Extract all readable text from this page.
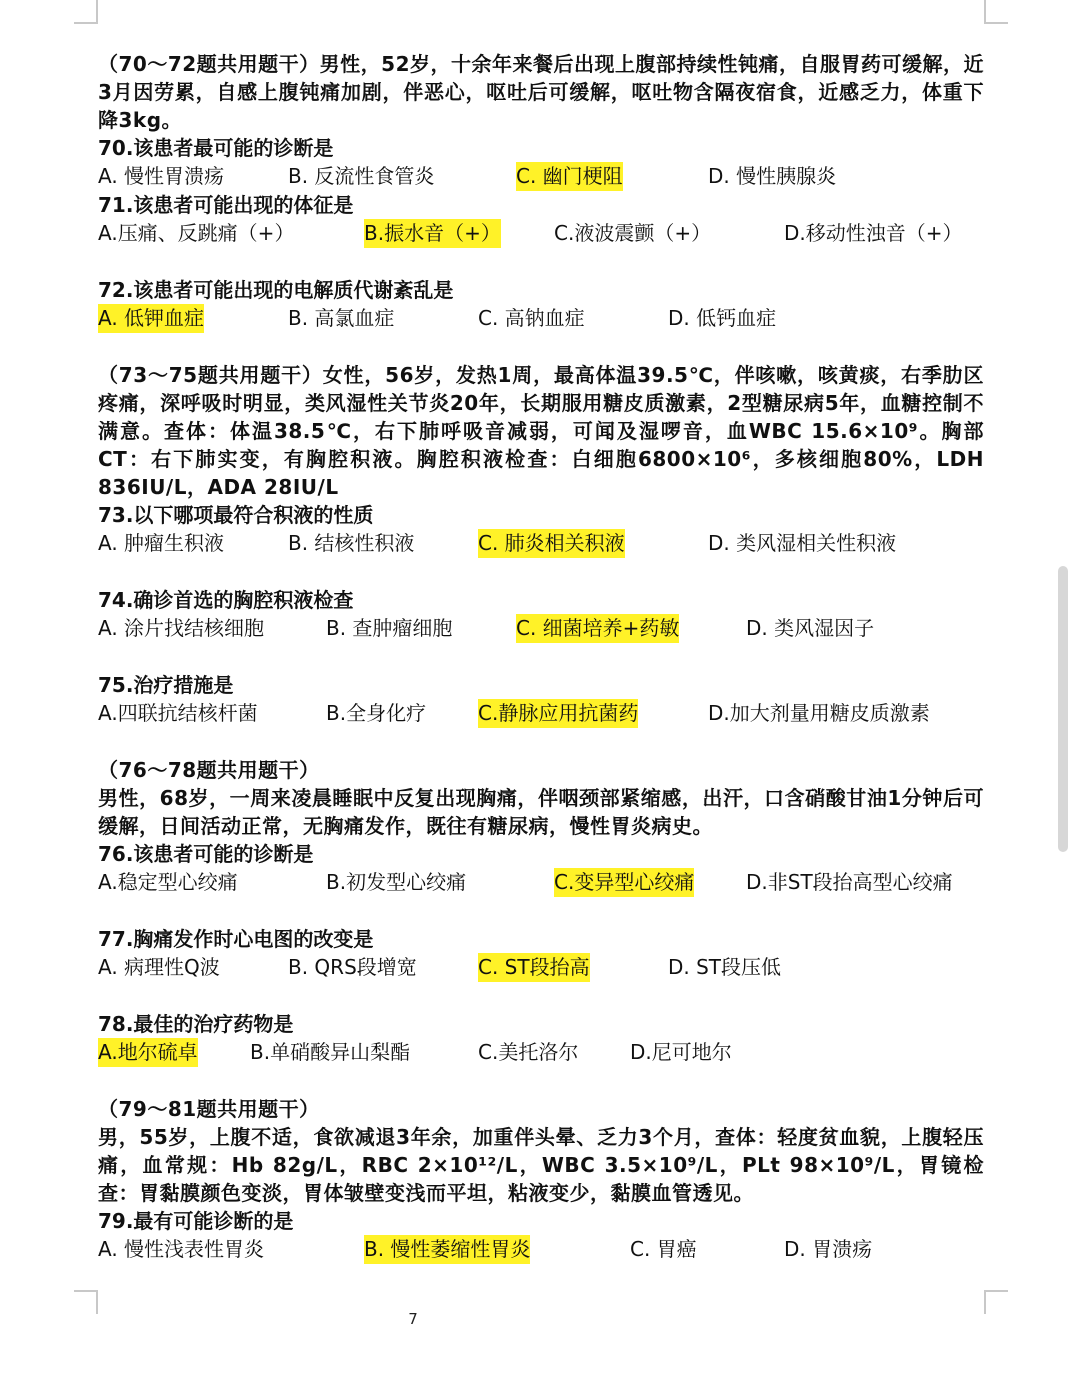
（70～72题共用题干）男性，52岁，十余年来餐后出现上腹部持续性钝痛，自服胃药可缓解，近3月因劳累，自感上腹钝痛加剧，伴恶心，呕吐后可缓解，呕吐物含隔夜宿食，近感乏力，体重下降3kg。

70.该患者最可能的诊断是

A. 慢性胃溃疡	B. 反流性食管炎	C. 幽门梗阻	D. 慢性胰腺炎

71.该患者可能出现的体征是

A.压痛、反跳痛（+）	B.振水音（+）	C.液波震颤（+）	D.移动性浊音（+）

72.该患者可能出现的电解质代谢紊乱是

A. 低钾血症	B. 高氯血症	C. 高钠血症	D. 低钙血症

（73～75题共用题干）女性，56岁，发热1周，最高体温39.5℃，伴咳嗽，咳黄痰，右季肋区疼痛，深呼吸时明显，类风湿性关节炎20年，长期服用糖皮质激素，2型糖尿病5年，血糖控制不满意。查体：体温38.5℃，右下肺呼吸音减弱，可闻及湿啰音，血WBC 15.6×10⁹。胸部CT：右下肺实变，有胸腔积液。胸腔积液检查：白细胞6800×10⁶，多核细胞80%，LDH 836IU/L，ADA 28IU/L

73.以下哪项最符合积液的性质

A. 肿瘤生积液	B. 结核性积液	C. 肺炎相关积液	D. 类风湿相关性积液

74.确诊首选的胸腔积液检查

A. 涂片找结核细胞	B. 查肿瘤细胞	C. 细菌培养+药敏	D. 类风湿因子

75.治疗措施是

A.四联抗结核杆菌	B.全身化疗	C.静脉应用抗菌药	D.加大剂量用糖皮质激素

（76～78题共用题干）

男性，68岁，一周来凌晨睡眠中反复出现胸痛，伴咽颈部紧缩感，出汗，口含硝酸甘油1分钟后可缓解，日间活动正常，无胸痛发作，既往有糖尿病，慢性胃炎病史。

76.该患者可能的诊断是

A.稳定型心绞痛	B.初发型心绞痛	C.变异型心绞痛	D.非ST段抬高型心绞痛

77.胸痛发作时心电图的改变是

A. 病理性Q波	B. QRS段增宽	C. ST段抬高	D. ST段压低

78.最佳的治疗药物是

A.地尔硫卓	B.单硝酸异山梨酯	C.美托洛尔	D.尼可地尔

（79～81题共用题干）

男，55岁，上腹不适，食欲减退3年余，加重伴头晕、乏力3个月，查体：轻度贫血貌，上腹轻压痛，血常规：Hb 82g/L，RBC 2×10¹²/L，WBC 3.5×10⁹/L，PLt 98×10⁹/L，胃镜检查：胃黏膜颜色变淡，胃体皱壁变浅而平坦，粘液变少，黏膜血管透见。

79.最有可能诊断的是

A. 慢性浅表性胃炎	B. 慢性萎缩性胃炎	C. 胃癌	D. 胃溃疡
7
